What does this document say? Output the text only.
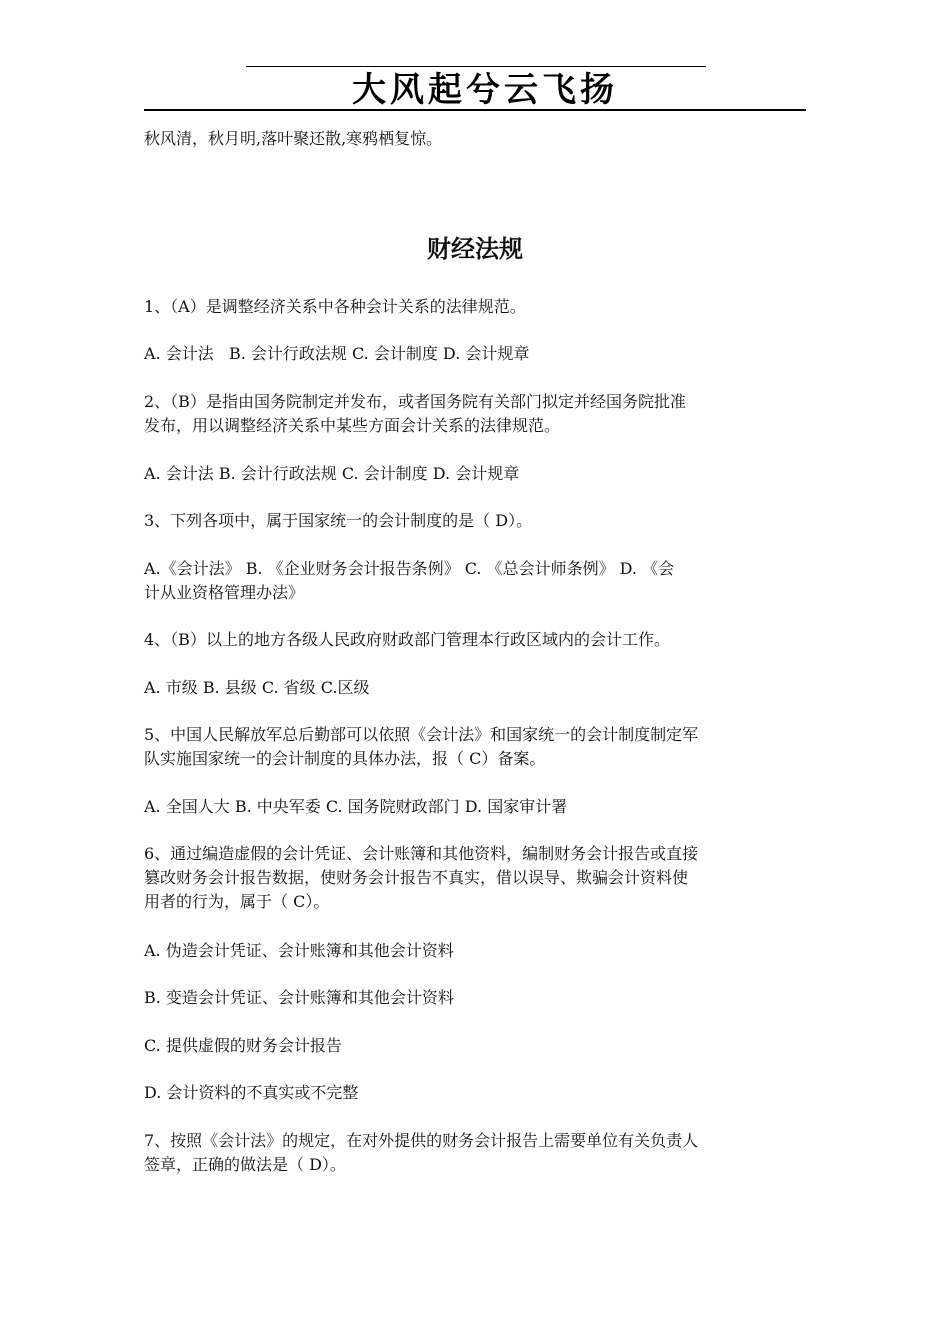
大风起兮云飞扬
秋风清，秋月明,落叶聚还散,寒鸦栖复惊。
财经法规
1、（A）是调整经济关系中各种会计关系的法律规范。
A. 会计法   B. 会计行政法规 C. 会计制度 D. 会计规章
2、（B）是指由国务院制定并发布，或者国务院有关部门拟定并经国务院批准
发布，用以调整经济关系中某些方面会计关系的法律规范。
A. 会计法 B. 会计行政法规 C. 会计制度 D. 会计规章
3、下列各项中，属于国家统一的会计制度的是（ D）。
A.《会计法》 B. 《企业财务会计报告条例》 C. 《总会计师条例》 D. 《会
计从业资格管理办法》
4、（B）以上的地方各级人民政府财政部门管理本行政区域内的会计工作。
A. 市级 B. 县级 C. 省级 C.区级
5、中国人民解放军总后勤部可以依照《会计法》和国家统一的会计制度制定军
队实施国家统一的会计制度的具体办法，报（ C）备案。
A. 全国人大 B. 中央军委 C. 国务院财政部门 D. 国家审计署
6、通过编造虚假的会计凭证、会计账簿和其他资料，编制财务会计报告或直接
篡改财务会计报告数据，使财务会计报告不真实，借以误导、欺骗会计资料使
用者的行为，属于（ C）。
A. 伪造会计凭证、会计账簿和其他会计资料
B. 变造会计凭证、会计账簿和其他会计资料
C. 提供虚假的财务会计报告
D. 会计资料的不真实或不完整
7、按照《会计法》的规定，在对外提供的财务会计报告上需要单位有关负责人
签章，正确的做法是（ D）。
